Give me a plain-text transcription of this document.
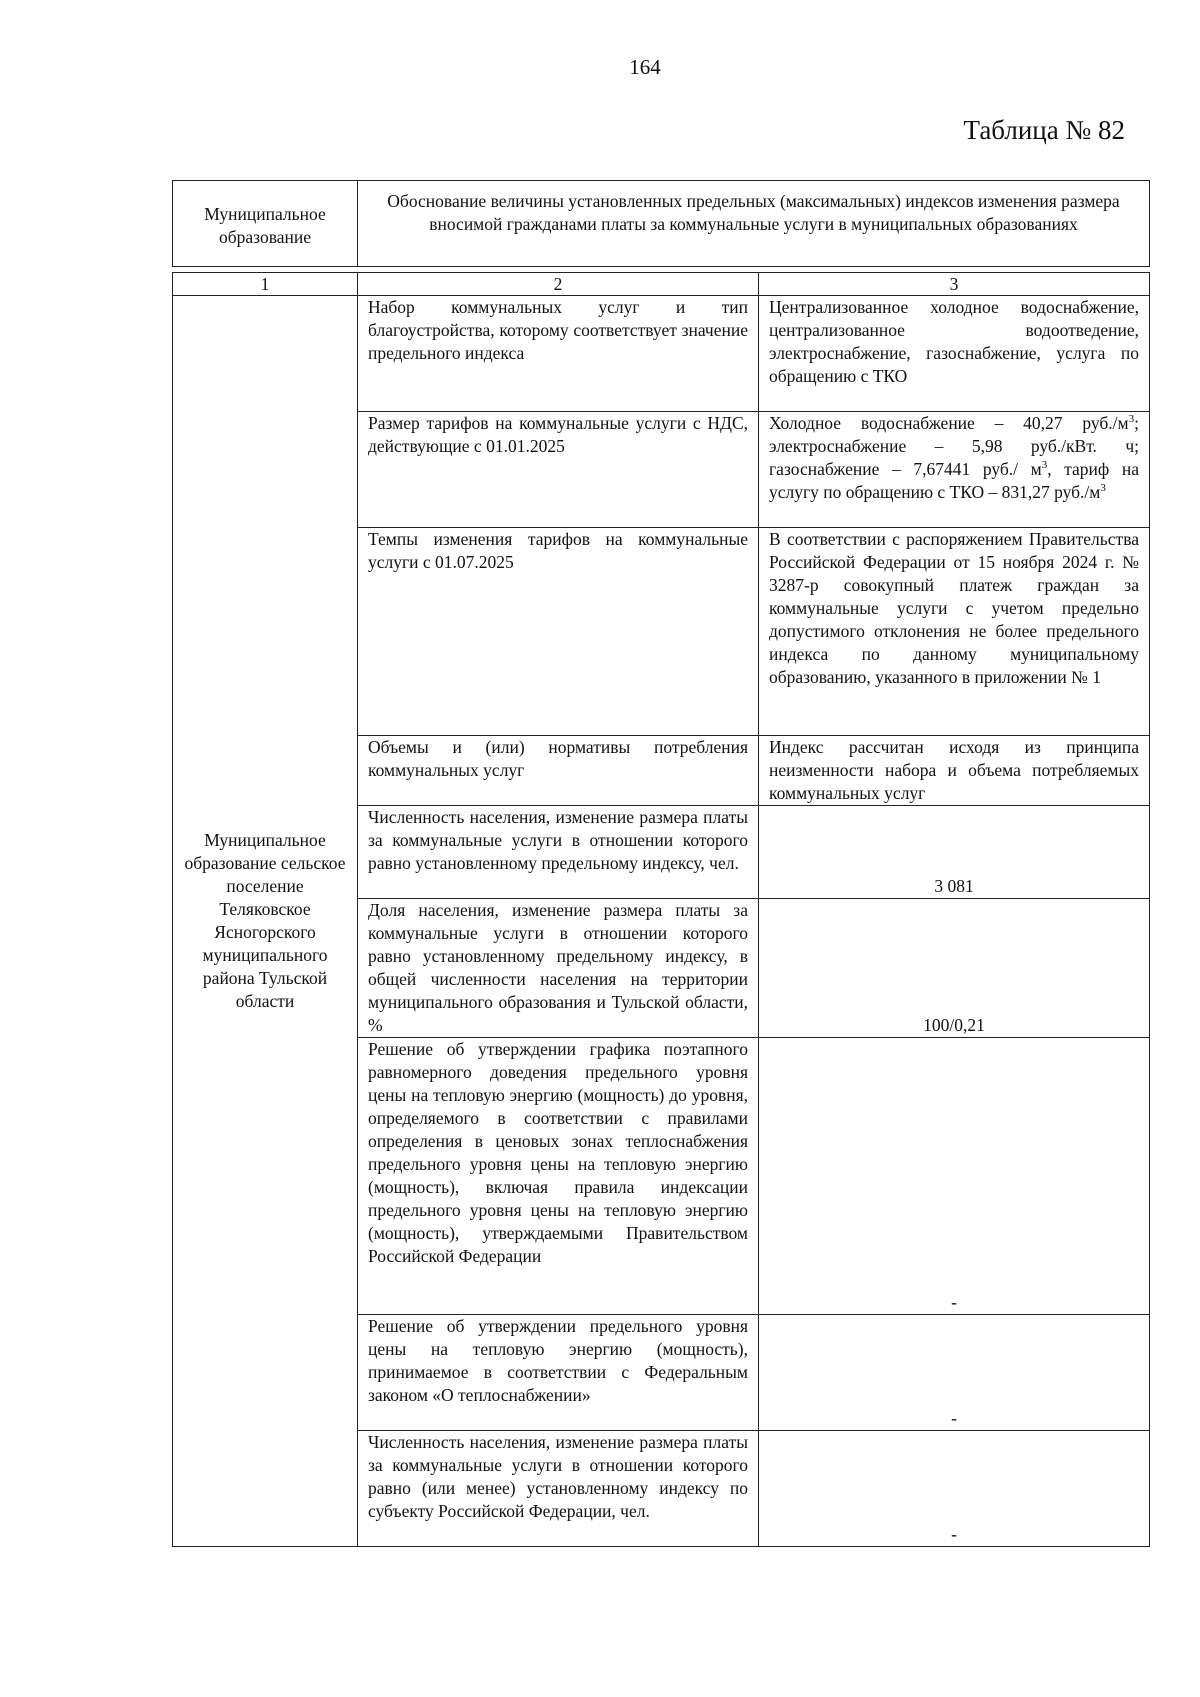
164
Таблица № 82
Муниципальное образование	Обоснование величины установленных предельных (максимальных) индексов изменения размера вносимой гражданами платы за коммунальные услуги в муниципальных образованиях
1	2	3
Муниципальное образование сельское поселение Теляковское Ясногорского муниципального района Тульской области	Набор коммунальных услуг и тип благоустройства, которому соответствует значение предельного индекса	Централизованное холодное водоснабжение, централизованное водоотведение, электроснабжение, газоснабжение, услуга по обращению с ТКО
	Размер тарифов на коммунальные услуги с НДС, действующие с 01.01.2025	Холодное водоснабжение – 40,27 $руб./м^3$; электроснабжение – 5,98 руб./кВт. ч; газоснабжение – 7,67441 руб./ $м^3$, тариф на услугу по обращению с ТКО – 831,27 $руб./м^3$
	Темпы изменения тарифов на коммунальные услуги с 01.07.2025	В соответствии с распоряжением Правительства Российской Федерации от 15 ноября 2024 г. № 3287-р совокупный платеж граждан за коммунальные услуги с учетом предельно допустимого отклонения не более предельного индекса по данному муниципальному образованию, указанного в приложении № 1
	Объемы и (или) нормативы потребления коммунальных услуг	Индекс рассчитан исходя из принципа неизменности набора и объема потребляемых коммунальных услуг
	Численность населения, изменение размера платы за коммунальные услуги в отношении которого равно установленному предельному индексу, чел.	3 081
	Доля населения, изменение размера платы за коммунальные услуги в отношении которого равно установленному предельному индексу, в общей численности населения на территории муниципального образования и Тульской области, %	100/0,21
	Решение об утверждении графика поэтапного равномерного доведения предельного уровня цены на тепловую энергию (мощность) до уровня, определяемого в соответствии с правилами определения в ценовых зонах теплоснабжения предельного уровня цены на тепловую энергию (мощность), включая правила индексации предельного уровня цены на тепловую энергию (мощность), утверждаемыми Правительством Российской Федерации	-
	Решение об утверждении предельного уровня цены на тепловую энергию (мощность), принимаемое в соответствии с Федеральным законом «О теплоснабжении»	-
	Численность населения, изменение размера платы за коммунальные услуги в отношении которого равно (или менее) установленному индексу по субъекту Российской Федерации, чел.	-
